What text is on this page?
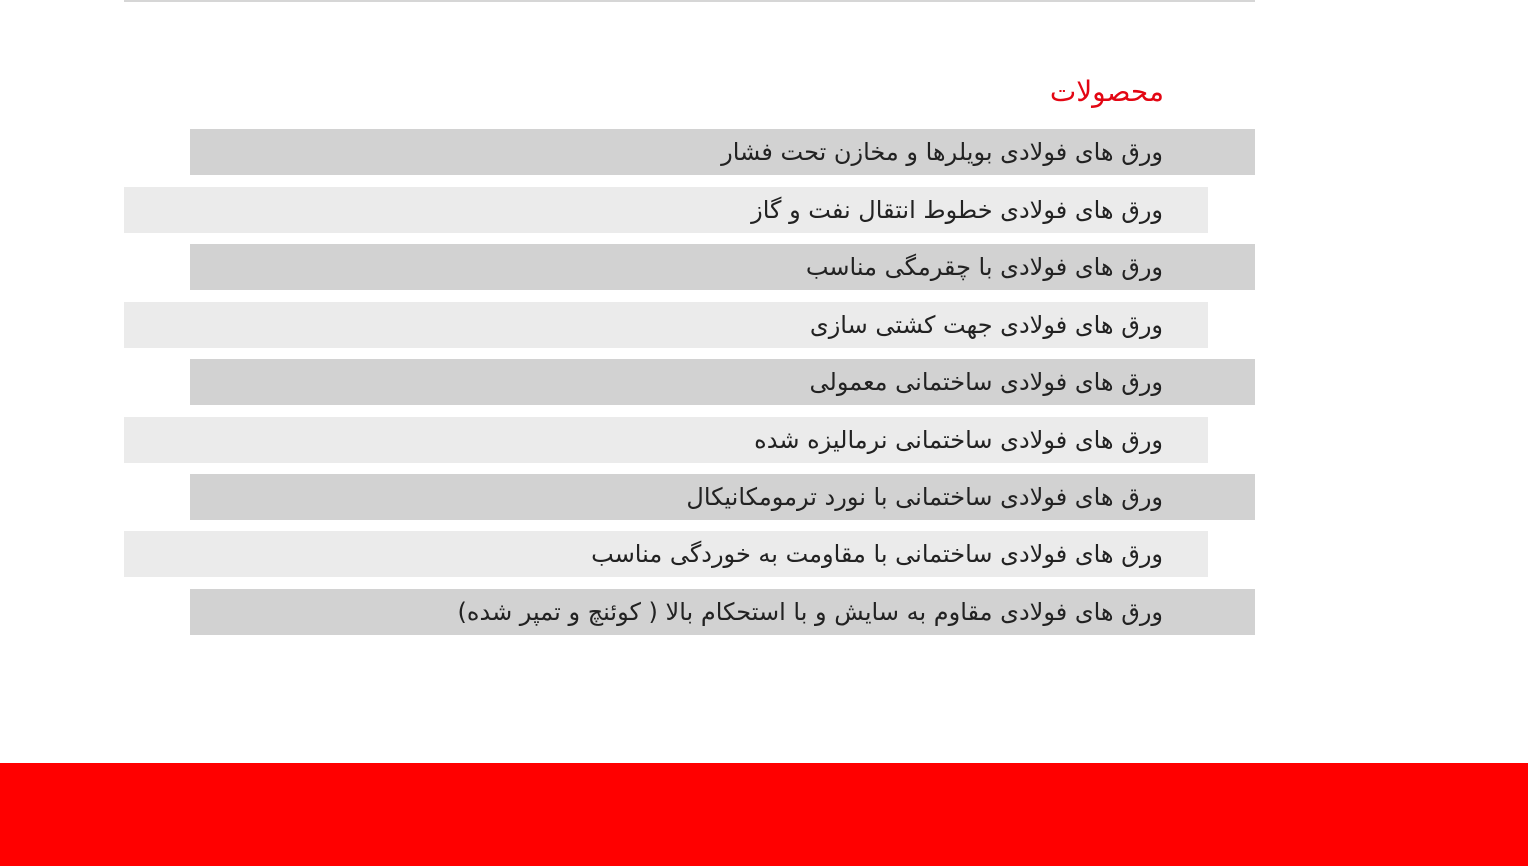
محصولات
ورق های فولادی بویلرها و مخازن تحت فشار
ورق های فولادی خطوط انتقال نفت و گاز
ورق های فولادی با چقرمگی مناسب
ورق های فولادی جهت کشتی سازی
ورق های فولادی ساختمانی معمولی
ورق های فولادی ساختمانی نرمالیزه شده
ورق های فولادی ساختمانی با نورد ترمومکانیکال
ورق های فولادی ساختمانی با مقاومت به خوردگی مناسب
ورق های فولادی مقاوم به سایش و با استحکام بالا ( کوئنچ و تمپر شده)
